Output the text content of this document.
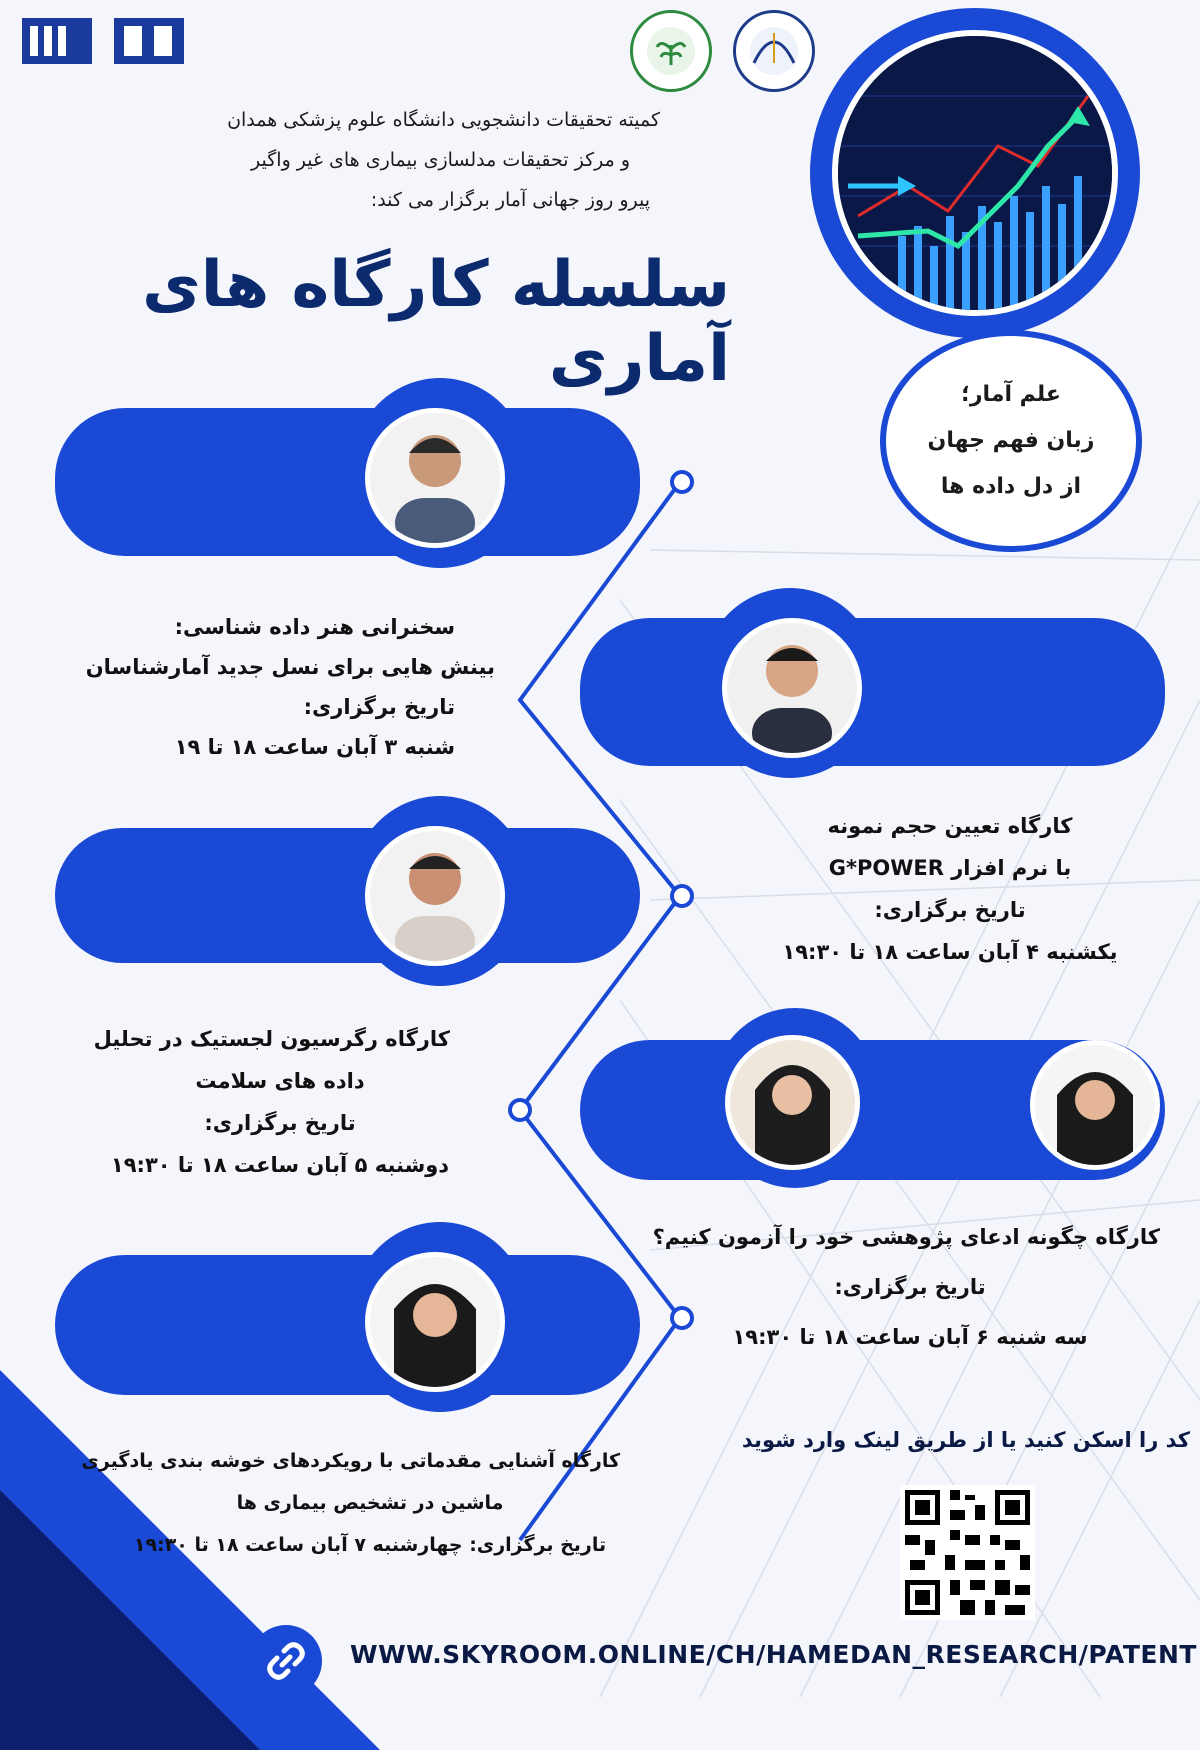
کمیته تحقیقات دانشجویی دانشگاه علوم پزشکی همدان
و مرکز تحقیقات مدلسازی بیماری های غیر واگیر
پیرو روز جهانی آمار برگزار می کند:
سلسله کارگاه های آماری	علم آمار؛
زبان فهم جهان
از دل داده ها
سخنرانی هنر داده شناسی:
بینش هایی برای نسل جدید آمارشناسان
تاریخ برگزاری:
شنبه ۳ آبان ساعت ۱۸ تا ۱۹
کارگاه تعیین حجم نمونه
با نرم افزار G*POWER
تاریخ برگزاری:
یکشنبه ۴ آبان ساعت ۱۸ تا ۱۹:۳۰
کارگاه رگرسیون لجستیک در تحلیل
داده های سلامت
تاریخ برگزاری:
دوشنبه ۵ آبان ساعت ۱۸ تا ۱۹:۳۰
کارگاه چگونه ادعای پژوهشی خود را آزمون کنیم؟
تاریخ برگزاری:
سه شنبه ۶ آبان ساعت ۱۸ تا ۱۹:۳۰
کارگاه آشنایی مقدماتی با رویکردهای خوشه بندی یادگیری
ماشین در تشخیص بیماری ها
تاریخ برگزاری: چهارشنبه ۷ آبان ساعت ۱۸ تا ۱۹:۳۰
کد را اسکن کنید یا از طریق لینک وارد شوید
WWW.SKYROOM.ONLINE/CH/HAMEDAN_RESEARCH/PATENT
